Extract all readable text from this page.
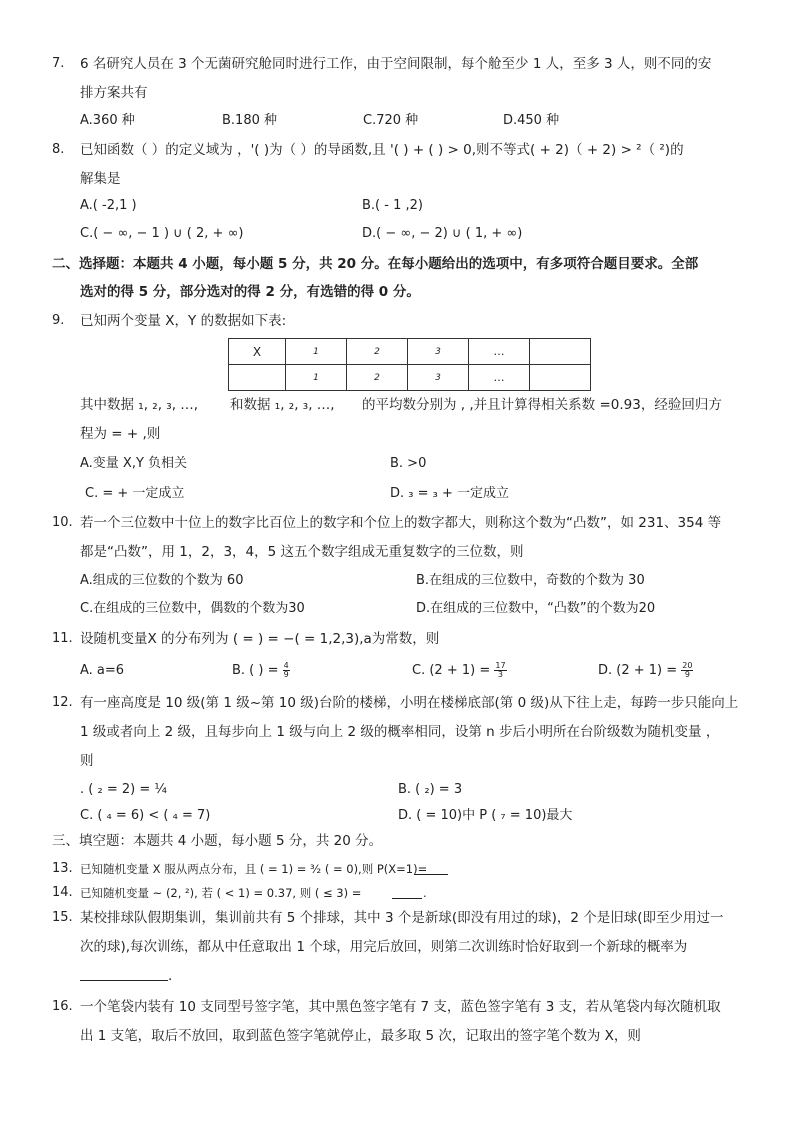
7. 6 名研究人员在 3 个无菌研究舱同时进行工作，由于空间限制，每个舱至少 1 人，至多 3 人，则不同的安
排方案共有
A.360 种	B.180 种	C.720 种	D.450 种
8. 已知函数（ ）的定义域为 ，'( )为（ ）的导函数,且 '( ) + ( ) > 0,则不等式( + 2)（ + 2) > ²（ ²)的
解集是
A.( -2,1 )	B.( - 1 ,2)
C.( − ∞, − 1 ) ∪ ( 2, + ∞)	D.( − ∞, − 2) ∪ ( 1, + ∞)
二、选择题：本题共 4 小题，每小题 5 分，共 20 分。在每小题给出的选项中，有多项符合题目要求。全部
选对的得 5 分，部分选对的得 2 分，有选错的得 0 分。
9. 已知两个变量 X，Y 的数据如下表:
X	1	2	3	…	
	1	2	3	…	
其中数据 ₁, ₂, ₃, …, 和数据 ₁, ₂, ₃, …, 的平均数分别为 , ,并且计算得相关系数 =0.93，经验回归方
程为 = + ,则
A.变量 X,Y 负相关	B. >0
C. = + 一定成立	D. ₃ = ₃ + 一定成立
10. 若一个三位数中十位上的数字比百位上的数字和个位上的数字都大，则称这个数为“凸数”，如 231、354 等
都是“凸数”，用 1，2，3，4，5 这五个数字组成无重复数字的三位数，则
A.组成的三位数的个数为 60	B.在组成的三位数中，奇数的个数为 30
C.在组成的三位数中，偶数的个数为30	D.在组成的三位数中，“凸数”的个数为20
11. 设随机变量X 的分布列为 ( = ) = −( = 1,2,3),a为常数，则
A. a=6	B. ( ) = $\frac{4}{9}$	C. $(2 + 1) = \frac{17}{3}$	D. $(2 + 1) = \frac{20}{9}$
12. 有一座高度是 10 级(第 1 级~第 10 级)台阶的楼梯，小明在楼梯底部(第 0 级)从下往上走，每跨一步只能向上
1 级或者向上 2 级，且每步向上 1 级与向上 2 级的概率相同，设第 n 步后小明所在台阶级数为随机变量 ，
则
. ( ₂ = 2) = ¼	B. ( ₂) = 3
C. ( ₄ = 6) < ( ₄ = 7)	D. ( = 10)中 P ( ₇ = 10)最大
三、填空题：本题共 4 小题，每小题 5 分，共 20 分。
13. 已知随机变量 X 服从两点分布，且 ( = 1) = ³⁄₂ ( = 0),则 P(X=1)=
14. 已知随机变量 ~ (2, ²), 若 ( < 1) = 0.37, 则 ( ≤ 3) =	.
15. 某校排球队假期集训，集训前共有 5 个排球，其中 3 个是新球(即没有用过的球)，2 个是旧球(即至少用过一
次的球),每次训练，都从中任意取出 1 个球，用完后放回，则第二次训练时恰好取到一个新球的概率为
.
16. 一个笔袋内装有 10 支同型号签字笔，其中黑色签字笔有 7 支，蓝色签字笔有 3 支，若从笔袋内每次随机取
出 1 支笔，取后不放回，取到蓝色签字笔就停止，最多取 5 次，记取出的签字笔个数为 X，则
